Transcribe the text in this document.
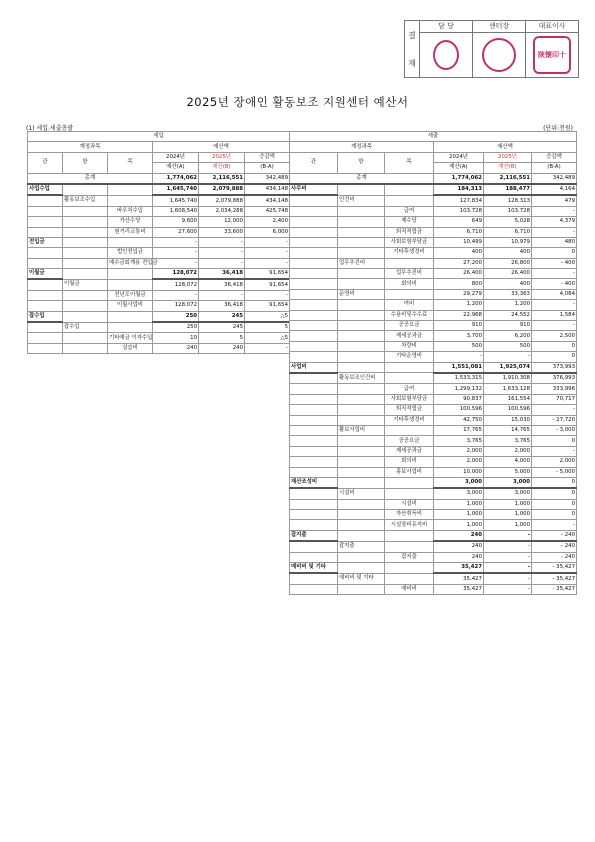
결
재
담 당	센터장	대표이사
陝懷印十
2025년 장애인 활동보조 지원센터 예산서
(1) 세입.세출총괄	(단위:천원)
세입					
계정과목			예산액		
관	항	목	2024년	2025년	증감액
			예산(A)	예산(B)	(B-A)
총계			1,774,062	2,116,551	342,489
사업수입			1,645,740	2,079,888	434,148
	활동보조수입		1,645,740	2,079,888	434,148
		바우처수입	1,608,540	2,034,288	425,748
		가산수당	9,600	12,000	2,400
		원거리교통비	27,600	33,600	6,000
전입금			-	-	-
		법인전입금	-	-	-
		예수금회계용 전입금	-	-	-
이월금			128,072	36,418	91,654
	이월금		128,072	36,418	91,654
		전년도이월금	-	-	-
		이월사업비	128,072	36,418	91,654
잡수입			250	245	△5
	잡수입		250	245	5
		기타예금 이자수입	10	5	△5
		실습비	240	240	-
세출					
계정과목			예산액		
관	항	목	2024년	2025년	증감액
			예산(A)	예산(B)	(B-A)
총계			1,774,062	2,116,551	342,489
사무비			184,313	188,477	4,164
	인건비		127,834	128,313	479
		급여	103,728	103,728	-
		제수당	649	5,028	4,379
		퇴직적립금	6,710	6,710	-
		사회보험부담금	10,499	10,979	480
		기타후생경비	400	400	0
	업무추진비		27,200	26,800	- 400
		업무추진비	26,400	26,400	-
		회의비	800	400	- 400
	운영비		29,279	33,363	4,084
		여비	1,200	1,200	-
		수용비및수수료	22,968	24,552	1,584
		공공요금	910	910	-
		제세공과금	3,700	6,200	2,500
		차량비	500	500	0
		기타운영비	-	-	0
사업비			1,551,081	1,925,074	373,993
	활동보조인건비		1,533,315	1,910,308	376,993
		급여	1,299,132	1,633,128	333,996
		사회보험부담금	90,837	161,554	70,717
		퇴직적립금	100,596	100,596	-
		기타후생경비	42,750	15,030	- 27,720
	활보사업비		17,765	14,765	- 3,000
		공공요금	3,765	3,765	0
		제세공과금	2,000	2,000	-
		회의비	2,000	4,000	2,000
		홍보사업비	10,000	5,000	- 5,000
재산조성비			3,000	3,000	0
	시설비		3,000	3,000	0
		시설비	1,000	1,000	0
		자산취득비	1,000	1,000	0
		시설장비유지비	1,000	1,000	-
잡지출			240	-	- 240
	잡지출		240	-	- 240
		잡지출	240	-	- 240
예비비 및 기타			35,427	-	- 35,427
	예비비 및 기타		35,427	-	- 35,427
		예비비	35,427	-	- 35,427
